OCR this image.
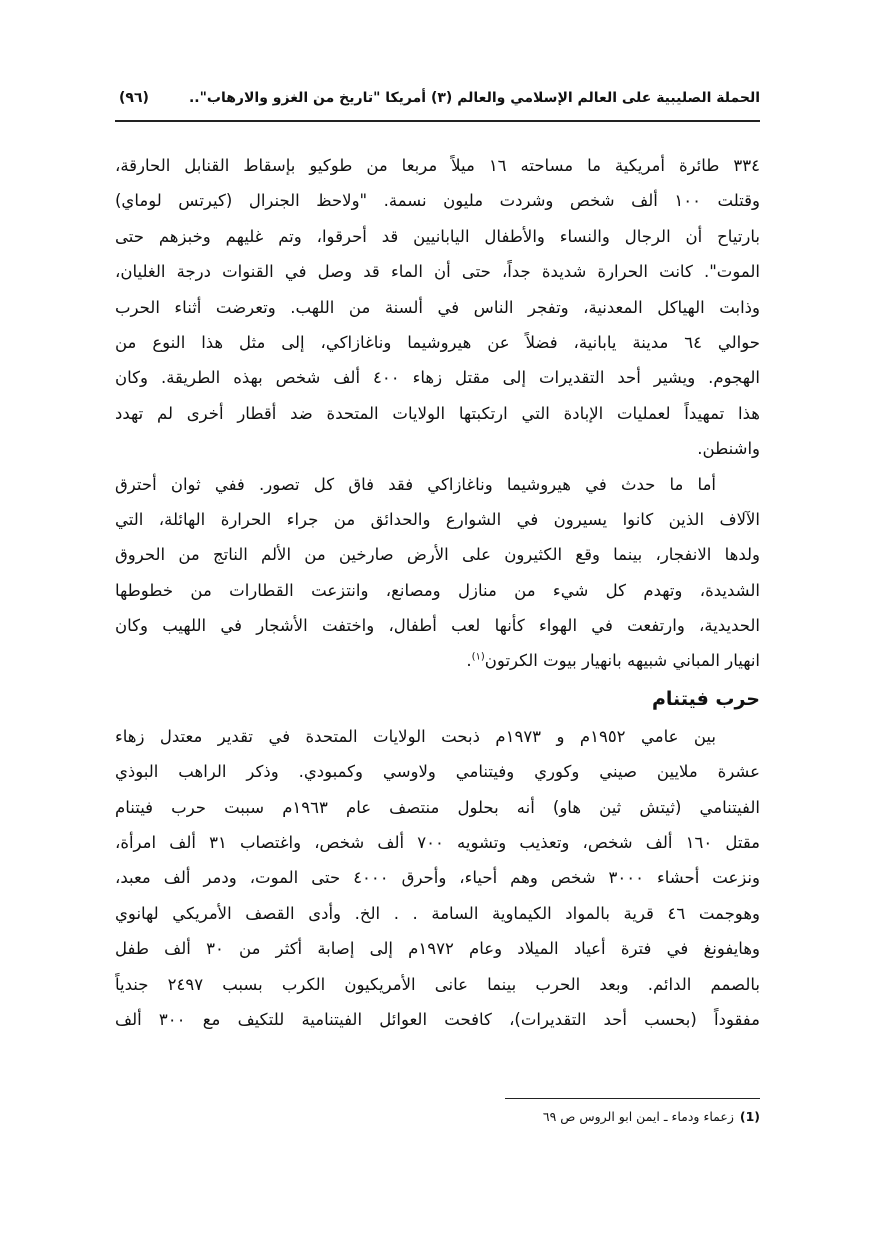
الحملة الصليبية على العالم الإسلامي والعالم (٣) أمريكا "تاريخ من الغزو والارهاب"..
(٩٦)
٣٣٤ طائرة أمريكية ما مساحته ١٦ ميلاً مربعا من طوكيو بإسقاط القنابل الحارقة،
وقتلت ١٠٠ ألف شخص وشردت مليون نسمة. "ولاحظ الجنرال (كيرتس لوماي)
بارتياح أن الرجال والنساء والأطفال اليابانيين قد أحرقوا، وتم غليهم وخبزهم حتى
الموت". كانت الحرارة شديدة جداً، حتى أن الماء قد وصل في القنوات درجة الغليان،
وذابت الهياكل المعدنية، وتفجر الناس في ألسنة من اللهب. وتعرضت أثناء الحرب
حوالي ٦٤ مدينة يابانية، فضلاً عن هيروشيما وناغازاكي، إلى مثل هذا النوع من
الهجوم. ويشير أحد التقديرات إلى مقتل زهاء ٤٠٠ ألف شخص بهذه الطريقة. وكان
هذا تمهيداً لعمليات الإبادة التي ارتكبتها الولايات المتحدة ضد أقطار أخرى لم تهدد
واشنطن.
أما ما حدث في هيروشيما وناغازاكي فقد فاق كل تصور. ففي ثوان أحترق
الآلاف الذين كانوا يسيرون في الشوارع والحدائق من جراء الحرارة الهائلة، التي
ولدها الانفجار، بينما وقع الكثيرون على الأرض صارخين من الألم الناتج من الحروق
الشديدة، وتهدم كل شيء من منازل ومصانع، وانتزعت القطارات من خطوطها
الحديدية، وارتفعت في الهواء كأنها لعب أطفال، واختفت الأشجار في اللهيب وكان
انهيار المباني شبيهه بانهيار بيوت الكرتون$^{(١)}$.
حرب فيتنام
بين عامي ١٩٥٢م و ١٩٧٣م ذبحت الولايات المتحدة في تقدير معتدل زهاء
عشرة ملايين صيني وكوري وفيتنامي ولاوسي وكمبودي. وذكر الراهب البوذي
الفيتنامي (ثيتش ثين هاو) أنه بحلول منتصف عام ١٩٦٣م سببت حرب فيتنام
مقتل ١٦٠ ألف شخص، وتعذيب وتشويه ٧٠٠ ألف شخص، واغتصاب ٣١ ألف امرأة،
ونزعت أحشاء ٣٠٠٠ شخص وهم أحياء، وأحرق ٤٠٠٠ حتى الموت، ودمر ألف معبد،
وهوجمت ٤٦ قرية بالمواد الكيماوية السامة . . الخ. وأدى القصف الأمريكي لهانوي
وهايفونغ في فترة أعياد الميلاد وعام ١٩٧٢م إلى إصابة أكثر من ٣٠ ألف طفل
بالصمم الدائم. وبعد الحرب بينما عانى الأمريكيون الكرب بسبب ٢٤٩٧ جندياً
مفقوداً (بحسب أحد التقديرات)، كافحت العوائل الفيتنامية للتكيف مع ٣٠٠ ألف
(1)زعماء ودماء ـ ايمن ابو الروس ص ٦٩
